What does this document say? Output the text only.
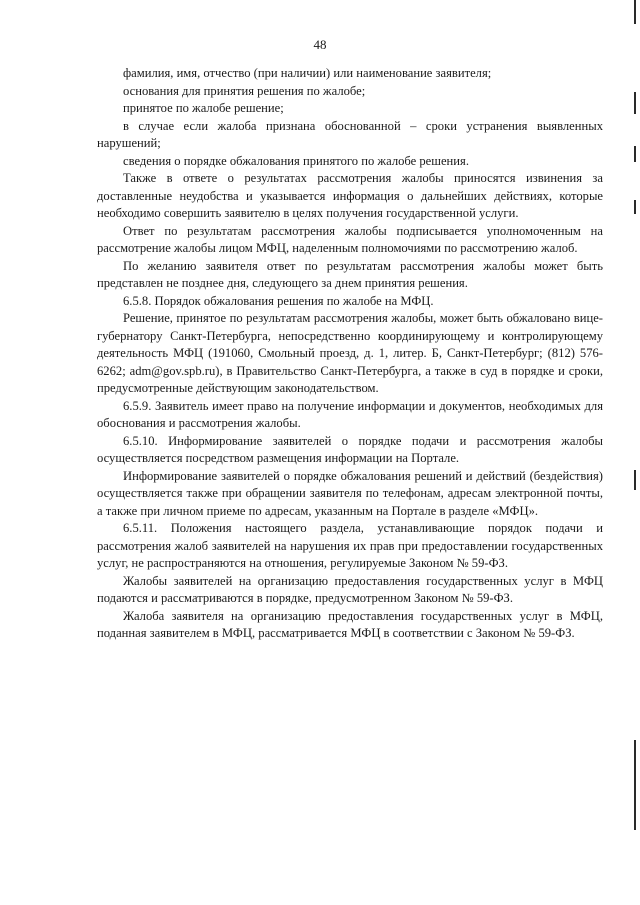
48

фамилия, имя, отчество (при наличии) или наименование заявителя;

основания для принятия решения по жалобе;

принятое по жалобе решение;

в случае если жалоба признана обоснованной – сроки устранения выявленных нарушений;

сведения о порядке обжалования принятого по жалобе решения.

Также в ответе о результатах рассмотрения жалобы приносятся извинения за доставленные неудобства и указывается информация о дальнейших действиях, которые необходимо совершить заявителю в целях получения государственной услуги.

Ответ по результатам рассмотрения жалобы подписывается уполномоченным на рассмотрение жалобы лицом МФЦ, наделенным полномочиями по рассмотрению жалоб.

По желанию заявителя ответ по результатам рассмотрения жалобы может быть представлен не позднее дня, следующего за днем принятия решения.

6.5.8. Порядок обжалования решения по жалобе на МФЦ.

Решение, принятое по результатам рассмотрения жалобы, может быть обжаловано вице-губернатору Санкт-Петербурга, непосредственно координирующему и контролирующему деятельность МФЦ (191060, Смольный проезд, д. 1, литер. Б, Санкт-Петербург; (812) 576-6262; adm@gov.spb.ru), в Правительство Санкт-Петербурга, а также в суд в порядке и сроки, предусмотренные действующим законодательством.

6.5.9. Заявитель имеет право на получение информации и документов, необходимых для обоснования и рассмотрения жалобы.

6.5.10. Информирование заявителей о порядке подачи и рассмотрения жалобы осуществляется посредством размещения информации на Портале.

Информирование заявителей о порядке обжалования решений и действий (бездействия) осуществляется также при обращении заявителя по телефонам, адресам электронной почты, а также при личном приеме по адресам, указанным на Портале в разделе «МФЦ».

6.5.11. Положения настоящего раздела, устанавливающие порядок подачи и рассмотрения жалоб заявителей на нарушения их прав при предоставлении государственных услуг, не распространяются на отношения, регулируемые Законом № 59-ФЗ.

Жалобы заявителей на организацию предоставления государственных услуг в МФЦ подаются и рассматриваются в порядке, предусмотренном Законом № 59-ФЗ.

Жалоба заявителя на организацию предоставления государственных услуг в МФЦ, поданная заявителем в МФЦ, рассматривается МФЦ в соответствии с Законом № 59-ФЗ.
